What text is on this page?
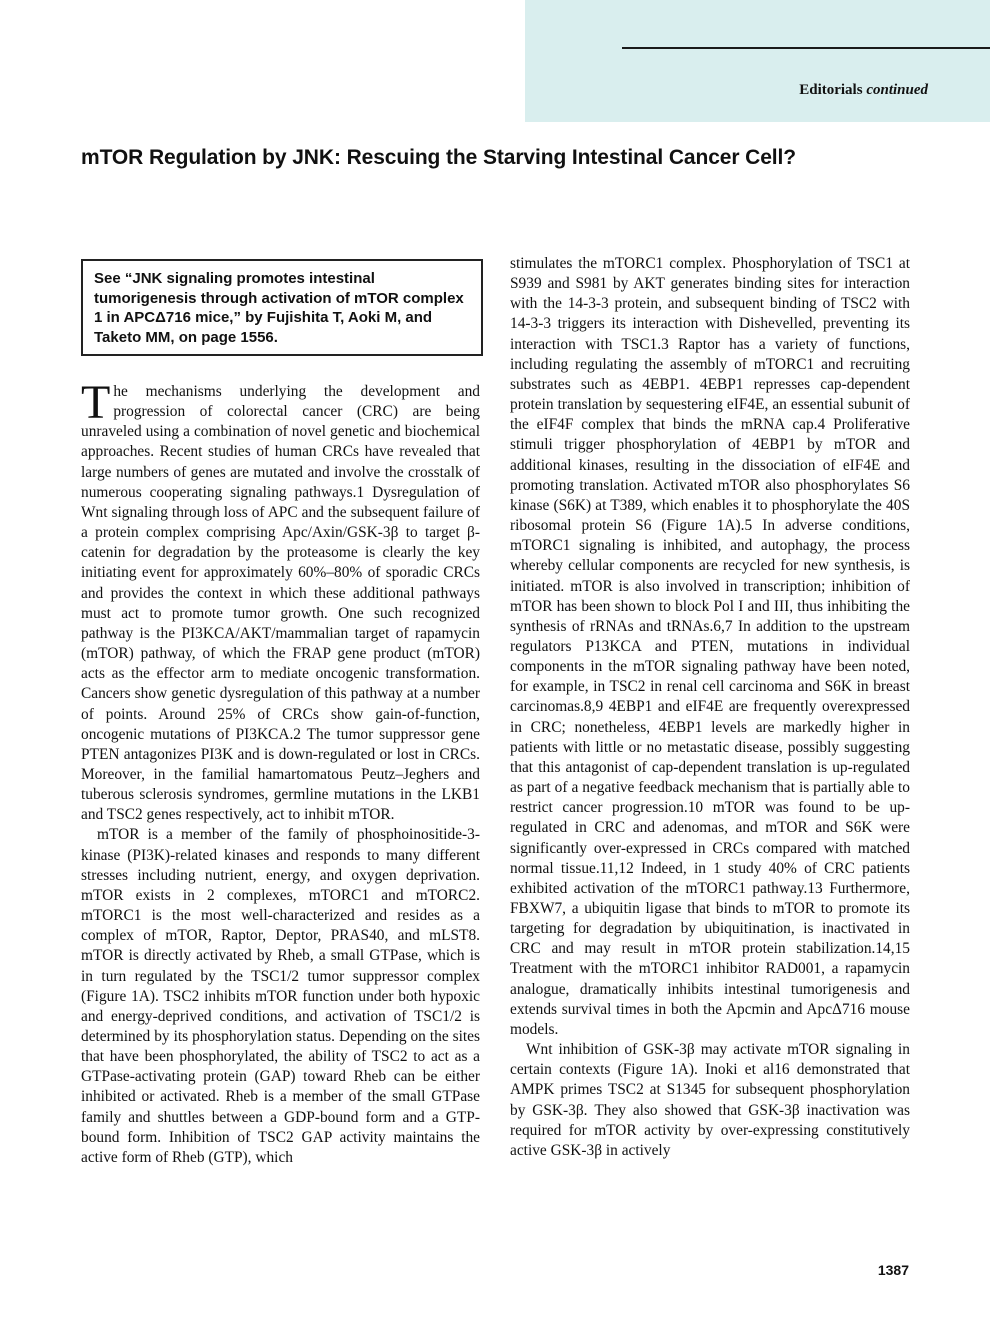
Editorials continued
mTOR Regulation by JNK: Rescuing the Starving Intestinal Cancer Cell?
See “JNK signaling promotes intestinal tumorigenesis through activation of mTOR complex 1 in APCΔ716 mice,” by Fujishita T, Aoki M, and Taketo MM, on page 1556.

The mechanisms underlying the development and progression of colorectal cancer (CRC) are being unraveled using a combination of novel genetic and biochemical approaches. Recent studies of human CRCs have revealed that large numbers of genes are mutated and involve the crosstalk of numerous cooperating signaling pathways.1 Dysregulation of Wnt signaling through loss of APC and the subsequent failure of a protein complex comprising Apc/Axin/GSK-3β to target β-catenin for degradation by the proteasome is clearly the key initiating event for approximately 60%–80% of sporadic CRCs and provides the context in which these additional pathways must act to promote tumor growth. One such recognized pathway is the PI3KCA/AKT/mammalian target of rapamycin (mTOR) pathway, of which the FRAP gene product (mTOR) acts as the effector arm to mediate oncogenic transformation. Cancers show genetic dysregulation of this pathway at a number of points. Around 25% of CRCs show gain-of-function, oncogenic mutations of PI3KCA.2 The tumor suppressor gene PTEN antagonizes PI3K and is down-regulated or lost in CRCs. Moreover, in the familial hamartomatous Peutz–Jeghers and tuberous sclerosis syndromes, germline mutations in the LKB1 and TSC2 genes respectively, act to inhibit mTOR.

mTOR is a member of the family of phosphoinositide-3-kinase (PI3K)-related kinases and responds to many different stresses including nutrient, energy, and oxygen deprivation. mTOR exists in 2 complexes, mTORC1 and mTORC2. mTORC1 is the most well-characterized and resides as a complex of mTOR, Raptor, Deptor, PRAS40, and mLST8. mTOR is directly activated by Rheb, a small GTPase, which is in turn regulated by the TSC1/2 tumor suppressor complex (Figure 1A). TSC2 inhibits mTOR function under both hypoxic and energy-deprived conditions, and activation of TSC1/2 is determined by its phosphorylation status. Depending on the sites that have been phosphorylated, the ability of TSC2 to act as a GTPase-activating protein (GAP) toward Rheb can be either inhibited or activated. Rheb is a member of the small GTPase family and shuttles between a GDP-bound form and a GTP-bound form. Inhibition of TSC2 GAP activity maintains the active form of Rheb (GTP), which

stimulates the mTORC1 complex. Phosphorylation of TSC1 at S939 and S981 by AKT generates binding sites for interaction with the 14-3-3 protein, and subsequent binding of TSC2 with 14-3-3 triggers its interaction with Dishevelled, preventing its interaction with TSC1.3 Raptor has a variety of functions, including regulating the assembly of mTORC1 and recruiting substrates such as 4EBP1. 4EBP1 represses cap-dependent protein translation by sequestering eIF4E, an essential subunit of the eIF4F complex that binds the mRNA cap.4 Proliferative stimuli trigger phosphorylation of 4EBP1 by mTOR and additional kinases, resulting in the dissociation of eIF4E and promoting translation. Activated mTOR also phosphorylates S6 kinase (S6K) at T389, which enables it to phosphorylate the 40S ribosomal protein S6 (Figure 1A).5 In adverse conditions, mTORC1 signaling is inhibited, and autophagy, the process whereby cellular components are recycled for new synthesis, is initiated. mTOR is also involved in transcription; inhibition of mTOR has been shown to block Pol I and III, thus inhibiting the synthesis of rRNAs and tRNAs.6,7 In addition to the upstream regulators P13KCA and PTEN, mutations in individual components in the mTOR signaling pathway have been noted, for example, in TSC2 in renal cell carcinoma and S6K in breast carcinomas.8,9 4EBP1 and eIF4E are frequently overexpressed in CRC; nonetheless, 4EBP1 levels are markedly higher in patients with little or no metastatic disease, possibly suggesting that this antagonist of cap-dependent translation is up-regulated as part of a negative feedback mechanism that is partially able to restrict cancer progression.10 mTOR was found to be up-regulated in CRC and adenomas, and mTOR and S6K were significantly over-expressed in CRCs compared with matched normal tissue.11,12 Indeed, in 1 study 40% of CRC patients exhibited activation of the mTORC1 pathway.13 Furthermore, FBXW7, a ubiquitin ligase that binds to mTOR to promote its targeting for degradation by ubiquitination, is inactivated in CRC and may result in mTOR protein stabilization.14,15 Treatment with the mTORC1 inhibitor RAD001, a rapamycin analogue, dramatically inhibits intestinal tumorigenesis and extends survival times in both the Apcmin and ApcΔ716 mouse models.

Wnt inhibition of GSK-3β may activate mTOR signaling in certain contexts (Figure 1A). Inoki et al16 demonstrated that AMPK primes TSC2 at S1345 for subsequent phosphorylation by GSK-3β. They also showed that GSK-3β inactivation was required for mTOR activity by over-expressing constitutively active GSK-3β in actively

1387
